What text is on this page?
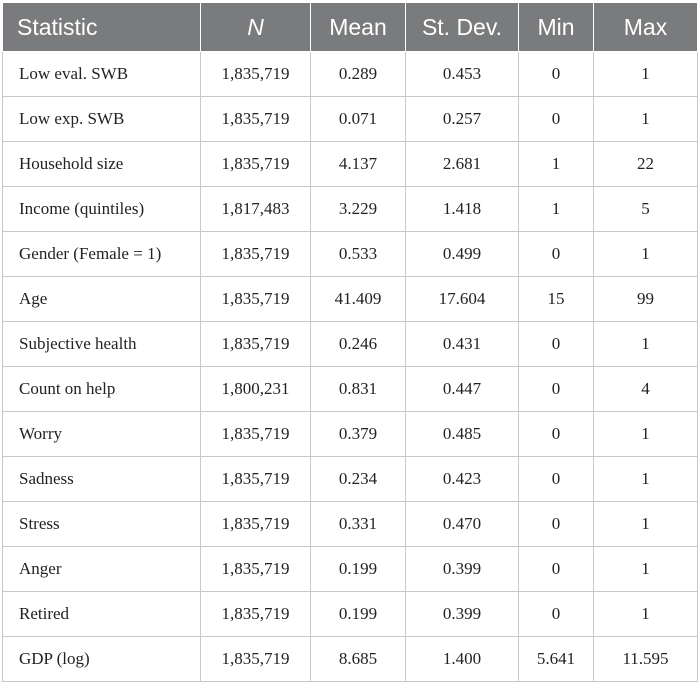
Statistic	N	Mean	St. Dev.	Min	Max
Low eval. SWB	1,835,719	0.289	0.453	0	1
Low exp. SWB	1,835,719	0.071	0.257	0	1
Household size	1,835,719	4.137	2.681	1	22
Income (quintiles)	1,817,483	3.229	1.418	1	5
Gender (Female = 1)	1,835,719	0.533	0.499	0	1
Age	1,835,719	41.409	17.604	15	99
Subjective health	1,835,719	0.246	0.431	0	1
Count on help	1,800,231	0.831	0.447	0	4
Worry	1,835,719	0.379	0.485	0	1
Sadness	1,835,719	0.234	0.423	0	1
Stress	1,835,719	0.331	0.470	0	1
Anger	1,835,719	0.199	0.399	0	1
Retired	1,835,719	0.199	0.399	0	1
GDP (log)	1,835,719	8.685	1.400	5.641	11.595
